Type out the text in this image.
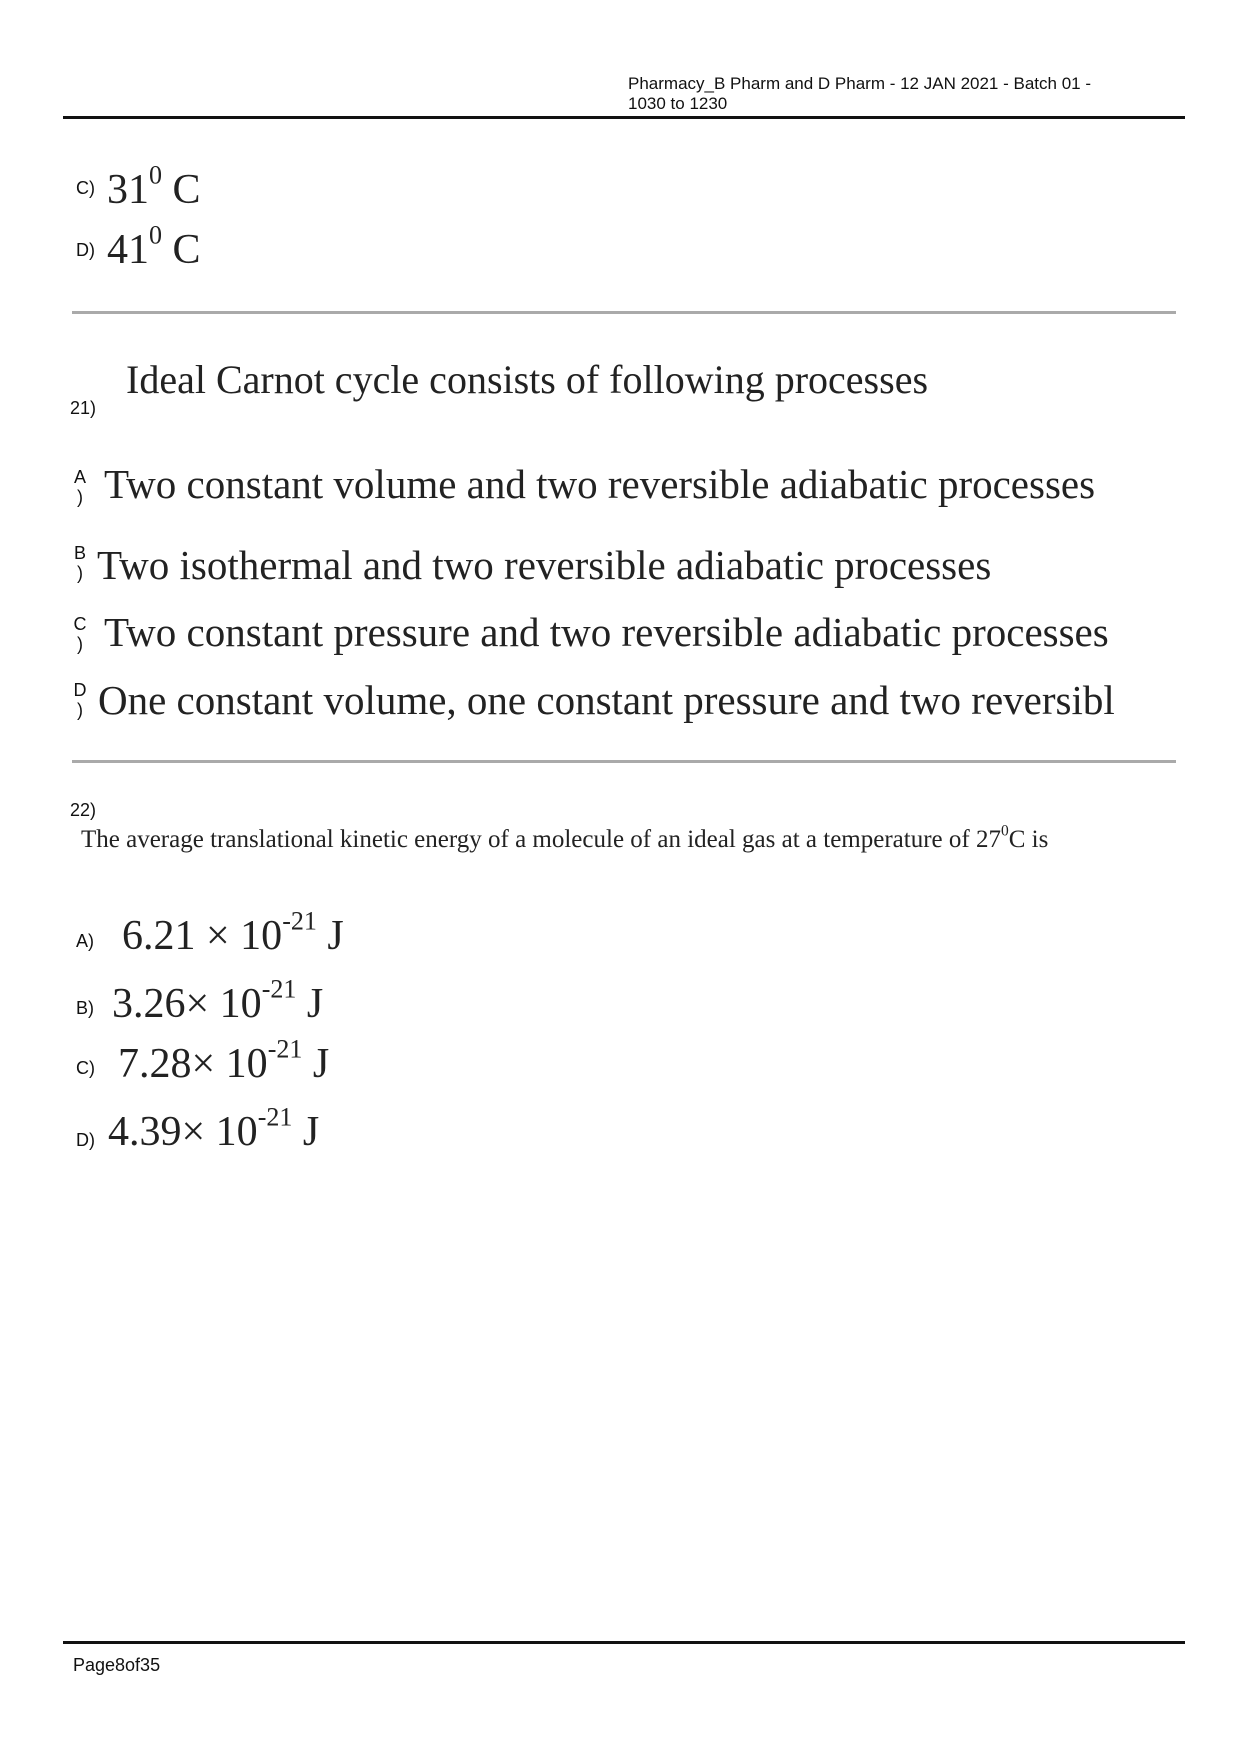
Pharmacy_B Pharm and D Pharm - 12 JAN 2021 - Batch 01 -
1030 to 1230
C) $31^0$ C
D) $41^0$ C
Ideal Carnot cycle consists of following processes
21)
A
) Two constant volume and two reversible adiabatic processes
B
) Two isothermal and two reversible adiabatic processes
C
) Two constant pressure and two reversible adiabatic processes
D
) One constant volume, one constant pressure and two reversibl
22)
The average translational kinetic energy of a molecule of an ideal gas at a temperature of $27^0C$ is
A) $6.21 \times 10^{-21}$ J
B) $3.26\times 10^{-21}$ J
C) $7.28\times 10^{-21}$ J
D) $4.39\times 10^{-21}$ J
Page8of35
